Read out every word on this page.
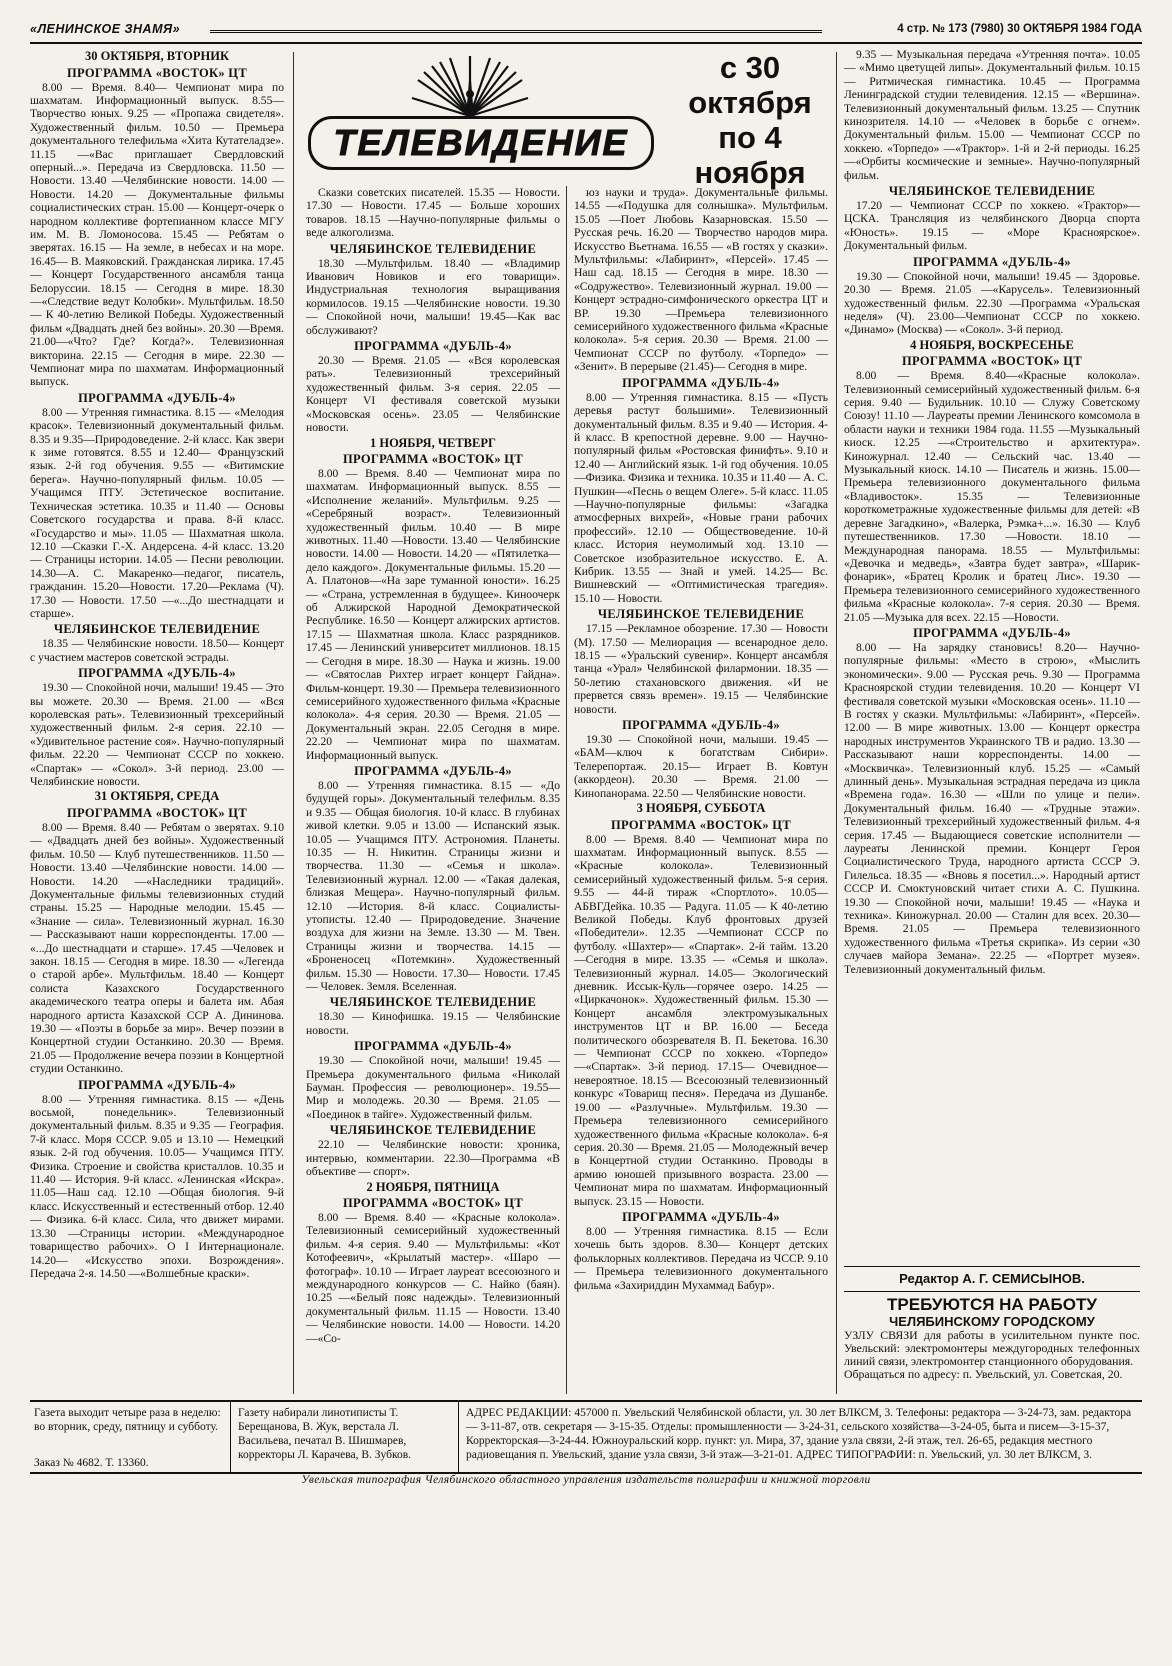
«ЛЕНИНСКОЕ ЗНАМЯ»	4 стр. № 173 (7980) 30 ОКТЯБРЯ 1984 ГОДА
ТЕЛЕВИДЕНИЕ
с 30
октября
по 4
ноября
30 ОКТЯБРЯ, ВТОРНИК
ПРОГРАММА «ВОСТОК» ЦТ

8.00 — Время. 8.40— Чемпионат мира по шахматам. Информационный выпуск. 8.55— Творчество юных. 9.25 — «Пропажа свидетеля». Художественный фильм. 10.50 — Премьера документального телефильма «Хита Кутателадзе». 11.15 —«Вас приглашает Свердловский оперный...». Передача из Свердловска. 11.50 — Новости. 13.40 —Челябинские новости. 14.00 — Новости. 14.20 — Документальные фильмы социалистических стран. 15.00 — Концерт-очерк о народном коллективе фортепианном классе МГУ им. М. В. Ломоносова. 15.45 — Ребятам о зверятах. 16.15 — На земле, в небесах и на море. 16.45— В. Маяковский. Гражданская лирика. 17.45 — Концерт Государственного ансамбля танца Белоруссии. 18.15 — Сегодня в мире. 18.30 —«Следствие ведут Колобки». Мультфильм. 18.50 — К 40-летию Великой Победы. Художественный фильм «Двадцать дней без войны». 20.30 —Время. 21.00—«Что? Где? Когда?». Телевизионная викторина. 22.15 — Сегодня в мире. 22.30 — Чемпионат мира по шахматам. Информационный выпуск.

ПРОГРАММА «ДУБЛЬ-4»

8.00 — Утренняя гимнастика. 8.15 — «Мелодия красок». Телевизионный документальный фильм. 8.35 и 9.35—Природоведение. 2-й класс. Как звери к зиме готовятся. 8.55 и 12.40— Французский язык. 2-й год обучения. 9.55 — «Витимские берега». Научно-популярный фильм. 10.05 — Учащимся ПТУ. Эстетическое воспитание. Техническая эстетика. 10.35 и 11.40 — Основы Советского государства и права. 8-й класс. «Государство и мы». 11.05 — Шахматная школа. 12.10 —Сказки Г.-Х. Андерсена. 4-й класс. 13.20 — Страницы истории. 14.05 — Песни революции. 14.30—А. С. Макаренко—педагог, писатель, гражданин. 15.20—Новости. 17.20—Реклама (Ч). 17.30 — Новости. 17.50 —«...До шестнадцати и старше».

ЧЕЛЯБИНСКОЕ ТЕЛЕВИДЕНИЕ

18.35 — Челябинские новости. 18.50— Концерт с участием мастеров советской эстрады.

ПРОГРАММА «ДУБЛЬ-4»

19.30 — Спокойной ночи, малыши! 19.45 — Это вы можете. 20.30 — Время. 21.00 — «Вся королевская рать». Телевизионный трехсерийный художественный фильм. 2-я серия. 22.10 — «Удивительное растение соя». Научно-популярный фильм. 22.20 — Чемпионат СССР по хоккею. «Спартак» — «Сокол». 3-й период. 23.00 — Челябинские новости.

31 ОКТЯБРЯ, СРЕДА
ПРОГРАММА «ВОСТОК» ЦТ

8.00 — Время. 8.40 — Ребятам о зверятах. 9.10 — «Двадцать дней без войны». Художественный фильм. 10.50 — Клуб путешественников. 11.50 — Новости. 13.40 —Челябинские новости. 14.00 — Новости. 14.20 —«Наследники традиций». Документальные фильмы телевизионных студий страны. 15.25 — Народные мелодии. 15.45 — «Знание — сила». Телевизионный журнал. 16.30 — Рассказывают наши корреспонденты. 17.00 — «...До шестнадцати и старше». 17.45 —Человек и закон. 18.15 — Сегодня в мире. 18.30 — «Легенда о старой арбе». Мультфильм. 18.40 — Концерт солиста Казахского Государственного академического театра оперы и балета им. Абая народного артиста Казахской ССР А. Дининова. 19.30 — «Поэты в борьбе за мир». Вечер поэзии в Концертной студии Останкино. 20.30 — Время. 21.05 — Продолжение вечера поэзии в Концертной студии Останкино.

ПРОГРАММА «ДУБЛЬ-4»

8.00 — Утренняя гимнастика. 8.15 — «День восьмой, понедельник». Телевизионный документальный фильм. 8.35 и 9.35 — География. 7-й класс. Моря СССР. 9.05 и 13.10 — Немецкий язык. 2-й год обучения. 10.05— Учащимся ПТУ. Физика. Строение и свойства кристаллов. 10.35 и 11.40 — История. 9-й класс. «Ленинская «Искра». 11.05—Наш сад. 12.10 —Общая биология. 9-й класс. Искусственный и естественный отбор. 12.40 — Физика. 6-й класс. Сила, что движет мирами. 13.30 —Страницы истории. «Международное товарищество рабочих». О I Интернационале. 14.20— «Искусство эпохи. Возрождения». Передача 2-я. 14.50 —«Волшебные краски».

Сказки советских писателей. 15.35 — Новости. 17.30 — Новости. 17.45 — Больше хороших товаров. 18.15 —Научно-популярные фильмы о веде алкоголизма.

ЧЕЛЯБИНСКОЕ ТЕЛЕВИДЕНИЕ

18.30 —Мультфильм. 18.40 — «Владимир Иванович Новиков и его товарищи». Индустриальная технология выращивания кормилосов. 19.15 —Челябинские новости. 19.30 — Спокойной ночи, малыши! 19.45—Как вас обслуживают?

ПРОГРАММА «ДУБЛЬ-4»

20.30 — Время. 21.05 — «Вся королевская рать». Телевизионный трехсерийный художественный фильм. 3-я серия. 22.05 — Концерт VI фестиваля советской музыки «Московская осень». 23.05 — Челябинские новости.

1 НОЯБРЯ, ЧЕТВЕРГ
ПРОГРАММА «ВОСТОК» ЦТ

8.00 — Время. 8.40 — Чемпионат мира по шахматам. Информационный выпуск. 8.55 — «Исполнение желаний». Мультфильм. 9.25 — «Серебряный возраст». Телевизионный художественный фильм. 10.40 — В мире животных. 11.40 —Новости. 13.40 — Челябинские новости. 14.00 — Новости. 14.20 — «Пятилетка—дело каждого». Документальные фильмы. 15.20 — А. Платонов—«На заре туманной юности». 16.25 — «Страна, устремленная в будущее». Киноочерк об Алжирской Народной Демократической Республике. 16.50 — Концерт алжирских артистов. 17.15 — Шахматная школа. Класс разрядников. 17.45 — Ленинский университет миллионов. 18.15 — Сегодня в мире. 18.30 — Наука и жизнь. 19.00 — «Святослав Рихтер играет концерт Гайдна». Фильм-концерт. 19.30 — Премьера телевизионного семисерийного художественного фильма «Красные колокола». 4-я серия. 20.30 — Время. 21.05 — Документальный экран. 22.05 Сегодня в мире. 22.20 — Чемпионат мира по шахматам. Информационный выпуск.

ПРОГРАММА «ДУБЛЬ-4»

8.00 — Утренняя гимнастика. 8.15 — «До будущей горы». Документальный телефильм. 8.35 и 9.35 — Общая биология. 10-й класс. В глубинах живой клетки. 9.05 и 13.00 — Испанский язык. 10.05 — Учащимся ПТУ. Астрономия. Планеты. 10.35 — Н. Никитин. Страницы жизни и творчества. 11.30 — «Семья и школа». Телевизионный журнал. 12.00 — «Такая далекая, близкая Мещера». Научно-популярный фильм. 12.10 —История. 8-й класс. Социалисты-утописты. 12.40 — Природоведение. Значение воздуха для жизни на Земле. 13.30 — М. Твен. Страницы жизни и творчества. 14.15 — «Броненосец «Потемкин». Художественный фильм. 15.30 — Новости. 17.30— Новости. 17.45 — Человек. Земля. Вселенная.

ЧЕЛЯБИНСКОЕ ТЕЛЕВИДЕНИЕ

18.30 — Кинофишка. 19.15 — Челябинские новости.

ПРОГРАММА «ДУБЛЬ-4»

19.30 — Спокойной ночи, малыши! 19.45 — Премьера документального фильма «Николай Бауман. Профессия — революционер». 19.55—Мир и молодежь. 20.30 — Время. 21.05 — «Поединок в тайге». Художественный фильм.

ЧЕЛЯБИНСКОЕ ТЕЛЕВИДЕНИЕ

22.10 — Челябинские новости: хроника, интервью, комментарии. 22.30—Программа «В объективе — спорт».

2 НОЯБРЯ, ПЯТНИЦА
ПРОГРАММА «ВОСТОК» ЦТ

8.00 — Время. 8.40 — «Красные колокола». Телевизионный семисерийный художественный фильм. 4-я серия. 9.40 — Мультфильмы: «Кот Котофеевич», «Крылатый мастер». «Шаро — фотограф». 10.10 — Играет лауреат всесоюзного и международного конкурсов — С. Найко (баян). 10.25 —«Белый пояс надежды». Телевизионный документальный фильм. 11.15 — Новости. 13.40 — Челябинские новости. 14.00 — Новости. 14.20 —«Со-

юз науки и труда». Документальные фильмы. 14.55 —«Подушка для солнышка». Мультфильм. 15.05 —Поет Любовь Казарновская. 15.50 —Русская речь. 16.20 — Творчество народов мира. Искусство Вьетнама. 16.55 — «В гостях у сказки». Мультфильмы: «Лабиринт», «Персей». 17.45 — Наш сад. 18.15 — Сегодня в мире. 18.30 — «Содружество». Телевизионный журнал. 19.00 —Концерт эстрадно-симфонического оркестра ЦТ и ВР. 19.30 —Премьера телевизионного семисерийного художественного фильма «Красные колокола». 5-я серия. 20.30 — Время. 21.00 —Чемпионат СССР по футболу. «Торпедо» — «Зенит». В перерыве (21.45)— Сегодня в мире.

ПРОГРАММА «ДУБЛЬ-4»

8.00 — Утренняя гимнастика. 8.15 — «Пусть деревья растут большими». Телевизионный документальный фильм. 8.35 и 9.40 — История. 4-й класс. В крепостной деревне. 9.00 — Научно-популярный фильм «Ростовская финифть». 9.10 и 12.40 — Английский язык. 1-й год обучения. 10.05 —Физика. Физика и техника. 10.35 и 11.40 — А. С. Пушкин—«Песнь о вещем Олеге». 5-й класс. 11.05 —Научно-популярные фильмы: «Загадка атмосферных вихрей», «Новые грани рабочих профессий». 12.10 — Обществоведение. 10-й класс. История неумолимый ход. 13.10 — Советское изобразительное искусство. Е. А. Кибрик. 13.55 — Знай и умей. 14.25— Вс. Вишневский — «Оптимистическая трагедия». 15.10 — Новости.

ЧЕЛЯБИНСКОЕ ТЕЛЕВИДЕНИЕ

17.15 —Рекламное обозрение. 17.30 — Новости (М). 17.50 — Мелиорация — всенародное дело. 18.15 — «Уральский сувенир». Концерт ансамбля танца «Урал» Челябинской филармонии. 18.35 — 50-летию стахановского движения. «И не прервется связь времен». 19.15 — Челябинские новости.

ПРОГРАММА «ДУБЛЬ-4»

19.30 — Спокойной ночи, малыши. 19.45 — «БАМ—ключ к богатствам Сибири». Телерепортаж. 20.15— Играет В. Ковтун (аккордеон). 20.30 — Время. 21.00 — Кинопанорама. 22.50 — Челябинские новости.

3 НОЯБРЯ, СУББОТА
ПРОГРАММА «ВОСТОК» ЦТ

8.00 — Время. 8.40 — Чемпионат мира по шахматам. Информационный выпуск. 8.55 — «Красные колокола». Телевизионный семисерийный художественный фильм. 5-я серия. 9.55 — 44-й тираж «Спортлото». 10.05—АБВГДейка. 10.35 — Радуга. 11.05 — К 40-летию Великой Победы. Клуб фронтовых друзей «Победители». 12.35 —Чемпионат СССР по футболу. «Шахтер»— «Спартак». 2-й тайм. 13.20 —Сегодня в мире. 13.35 — «Семья и школа». Телевизионный журнал. 14.05— Экологический дневник. Иссык-Куль—горячее озеро. 14.25 — «Циркачонок». Художественный фильм. 15.30 — Концерт ансамбля электромузыкальных инструментов ЦТ и ВР. 16.00 — Беседа политического обозревателя В. П. Бекетова. 16.30 — Чемпионат СССР по хоккею. «Торпедо» —«Спартак». 3-й период. 17.15— Очевидное—невероятное. 18.15 — Всесоюзный телевизионный конкурс «Товарищ песня». Передача из Душанбе. 19.00 — «Разлучные». Мультфильм. 19.30 —Премьера телевизионного семисерийного художественного фильма «Красные колокола». 6-я серия. 20.30 — Время. 21.05 — Молодежный вечер в Концертной студии Останкино. Проводы в армию юношей призывного возраста. 23.00 —Чемпионат мира по шахматам. Информационный выпуск. 23.15 — Новости.

ПРОГРАММА «ДУБЛЬ-4»

8.00 — Утренняя гимнастика. 8.15 — Если хочешь быть здоров. 8.30— Концерт детских фольклорных коллективов. Передача из ЧССР. 9.10 — Премьера телевизионного документального фильма «Захириддин Мухаммад Бабур».

9.35 — Музыкальная передача «Утренняя почта». 10.05 — «Мимо цветущей липы». Документальный фильм. 10.15— Ритмическая гимнастика. 10.45 — Программа Ленинградской студии телевидения. 12.15 — «Вершина». Телевизионный документальный фильм. 13.25 — Спутник кинозрителя. 14.10 — «Человек в борьбе с огнем». Документальный фильм. 15.00 — Чемпионат СССР по хоккею. «Торпедо» —«Трактор». 1-й и 2-й периоды. 16.25 —«Орбиты космические и земные». Научно-популярный фильм.

ЧЕЛЯБИНСКОЕ ТЕЛЕВИДЕНИЕ

17.20 — Чемпионат СССР по хоккею. «Трактор»—ЦСКА. Трансляция из челябинского Дворца спорта «Юность». 19.15 — «Море Красноярское». Документальный фильм.

ПРОГРАММА «ДУБЛЬ-4»

19.30 — Спокойной ночи, малыши! 19.45 — Здоровье. 20.30 — Время. 21.05 —«Карусель». Телевизионный художественный фильм. 22.30 —Программа «Уральская неделя» (Ч). 23.00—Чемпионат СССР по хоккею. «Динамо» (Москва) — «Сокол». 3-й период.

4 НОЯБРЯ, ВОСКРЕСЕНЬЕ
ПРОГРАММА «ВОСТОК» ЦТ

8.00 — Время. 8.40—«Красные колокола». Телевизионный семисерийный художественный фильм. 6-я серия. 9.40 — Будильник. 10.10 — Служу Советскому Союзу! 11.10 — Лауреаты премии Ленинского комсомола в области науки и техники 1984 года. 11.55 —Музыкальный киоск. 12.25 —«Строительство и архитектура». Киножурнал. 12.40 — Сельский час. 13.40 — Музыкальный киоск. 14.10 — Писатель и жизнь. 15.00—Премьера телевизионного документального фильма «Владивосток». 15.35 — Телевизионные короткометражные художественные фильмы для детей: «В деревне Загадкино», «Валерка, Рэмка+...». 16.30 — Клуб путешественников. 17.30 —Новости. 18.10 — Международная панорама. 18.55 — Мультфильмы: «Девочка и медведь», «Завтра будет завтра», «Шарик-фонарик», «Братец Кролик и братец Лис». 19.30 — Премьера телевизионного семисерийного художественного фильма «Красные колокола». 7-я серия. 20.30 — Время. 21.05 —Музыка для всех. 22.15 —Новости.

ПРОГРАММА «ДУБЛЬ-4»

8.00 — На зарядку становись! 8.20— Научно-популярные фильмы: «Место в строю», «Мыслить экономически». 9.00 — Русская речь. 9.30 — Программа Красноярской студии телевидения. 10.20 — Концерт VI фестиваля советской музыки «Московская осень». 11.10 — В гостях у сказки. Мультфильмы: «Лабиринт», «Персей». 12.00 — В мире животных. 13.00 — Концерт оркестра народных инструментов Украинского ТВ и радио. 13.30 — Рассказывают наши корреспонденты. 14.00 — «Москвичка». Телевизионный клуб. 15.25 — «Самый длинный день». Музыкальная эстрадная передача из цикла «Времена года». 16.30 — «Шли по улице и пели». Документальный фильм. 16.40 — «Трудные этажи». Телевизионный трехсерийный художественный фильм. 4-я серия. 17.45 — Выдающиеся советские исполнители —лауреаты Ленинской премии. Концерт Героя Социалистического Труда, народного артиста СССР Э. Гилельса. 18.35 — «Вновь я посетил...». Народный артист СССР И. Смоктуновский читает стихи А. С. Пушкина. 19.30 — Спокойной ночи, малыши! 19.45 — «Наука и техника». Киножурнал. 20.00 — Сталин для всех. 20.30— Время. 21.05 — Премьера телевизионного художественного фильма «Третья скрипка». Из серии «30 случаев майора Земана». 22.25 — «Портрет музея». Телевизионный документальный фильм.

Редактор А. Г. СЕМИСЫНОВ.
ТРЕБУЮТСЯ НА РАБОТУ
ЧЕЛЯБИНСКОМУ ГОРОДСКОМУ

УЗЛУ СВЯЗИ для работы в усилительном пункте пос. Увельский: электромонтеры междугородных телефонных линий связи, электромонтер станционного оборудования.

Обращаться по адресу: п. Увельский, ул. Советская, 20.

Газета выходит четыре раза в неделю: во вторник, среду, пятницу и субботу.
Заказ № 4682. Т. 13360.
Газету набирали линотиписты Т. Берещанова, В. Жук, верстала Л. Васильева, печатал В. Шишмарев, корректоры Л. Карачева, В. Зубков.
АДРЕС РЕДАКЦИИ: 457000 п. Увельский Челябинской области, ул. 30 лет ВЛКСМ, 3. Телефоны: редактора — 3-24-73, зам. редактора — 3-11-87, отв. секретаря — 3-15-35. Отделы: промышленности — 3-24-31, сельского хозяйства—3-24-05, быта и писем—3-15-37, Корректорская—3-24-44. Южноуральский корр. пункт: ул. Мира, 37, здание узла связи, 2-й этаж, тел. 26-65, редакция местного радиовещания п. Увельский, здание узла связи, 3-й этаж—3-21-01. АДРЕС ТИПОГРАФИИ: п. Увельский, ул. 30 лет ВЛКСМ, 3.
Увельская типография Челябинского областного управления издательств полиграфии и книжной торговли
